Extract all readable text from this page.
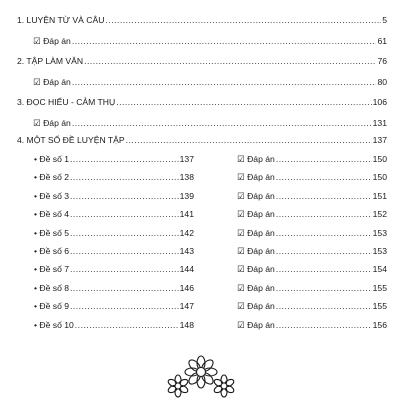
1. LUYỆN TỪ VÀ CÂU .....	5
☑ Đáp án .....	61
2. TẬP LÀM VĂN .....	76
☑ Đáp án .....	80
3. ĐỌC HIỂU - CẢM THỤ .....	106
☑ Đáp án .....	131
4. MỘT SỐ ĐỀ LUYỆN TẬP .....	137
• Đề số 1 .....	137	☑ Đáp án .....	150
• Đề số 2 .....	138	☑ Đáp án .....	150
• Đề số 3 .....	139	☑ Đáp án .....	151
• Đề số 4 .....	141	☑ Đáp án .....	152
• Đề số 5 .....	142	☑ Đáp án .....	153
• Đề số 6 .....	143	☑ Đáp án .....	153
• Đề số 7 .....	144	☑ Đáp án .....	154
• Đề số 8 .....	146	☑ Đáp án .....	155
• Đề số 9 .....	147	☑ Đáp án .....	155
• Đề số 10 .....	148	☑ Đáp án .....	156
